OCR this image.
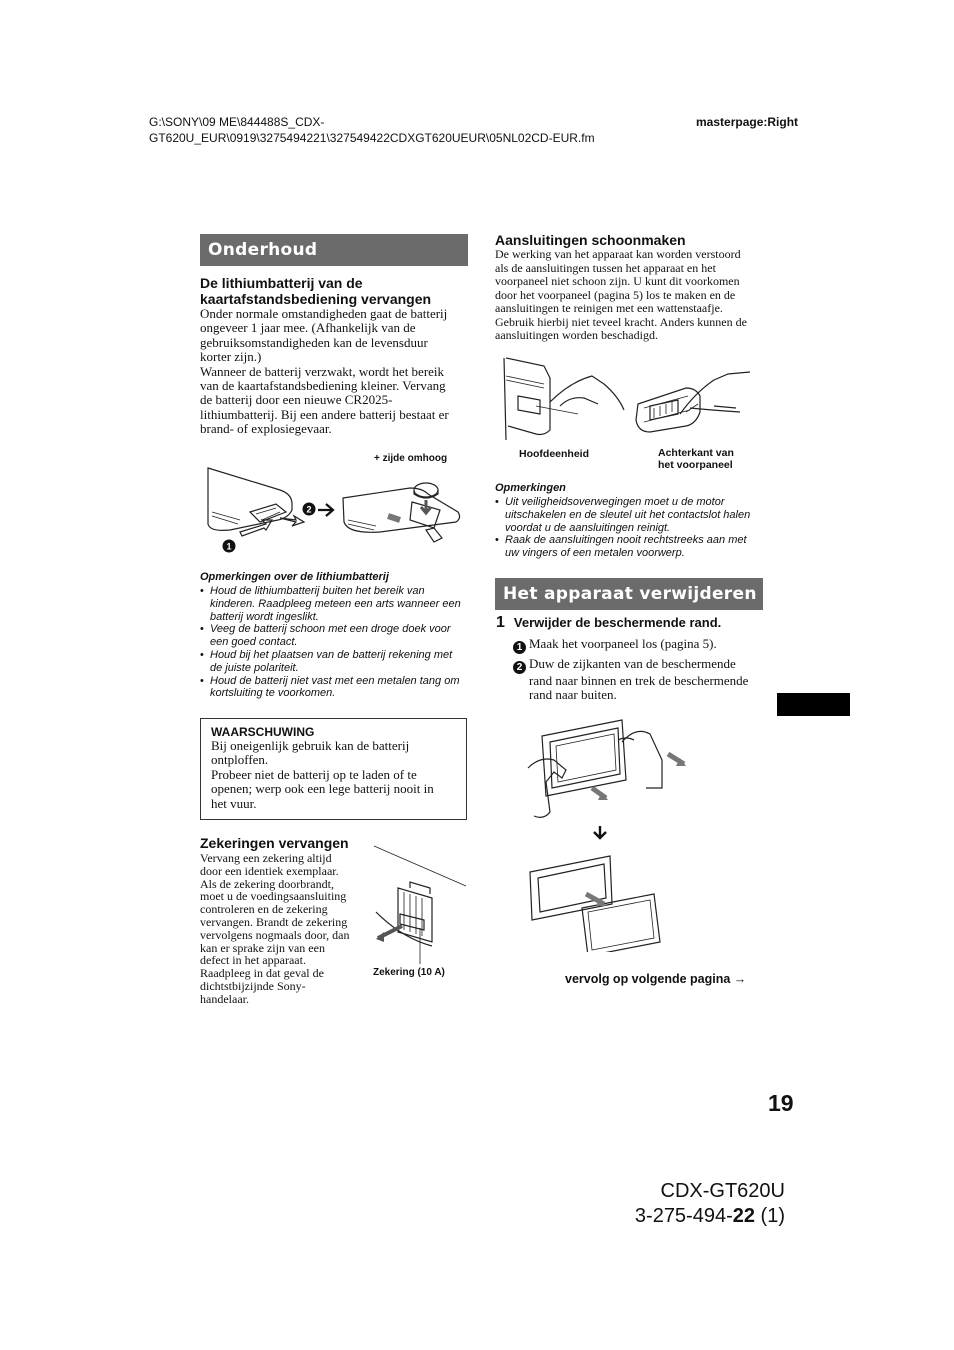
G:\SONY\09 ME\844488S_CDX-
GT620U_EUR\0919\3275494221\327549422CDXGT620UEUR\05NL02CD-EUR.fm
masterpage:Right
Onderhoud
De lithiumbatterij van de
kaartafstandsbediening vervangen

Onder normale omstandigheden gaat de batterij
ongeveer 1 jaar mee. (Afhankelijk van de
gebruiksomstandigheden kan de levensduur
korter zijn.)

Wanneer de batterij verzwakt, wordt het bereik
van de kaartafstandsbediening kleiner. Vervang
de batterij door een nieuwe CR2025-
lithiumbatterij. Bij een andere batterij bestaat er
brand- of explosiegevaar.

+ zijde omhoog
1
2
Opmerkingen over de lithiumbatterij
• Houd de lithiumbatterij buiten het bereik van
kinderen. Raadpleeg meteen een arts wanneer een
batterij wordt ingeslikt.
• Veeg de batterij schoon met een droge doek voor
een goed contact.
• Houd bij het plaatsen van de batterij rekening met
de juiste polariteit.
• Houd de batterij niet vast met een metalen tang om
kortsluiting te voorkomen.
WAARSCHUWING
Bij oneigenlijk gebruik kan de batterij
ontploffen.
Probeer niet de batterij op te laden of te
openen; werp ook een lege batterij nooit in
het vuur.
Zekeringen vervangen
Vervang een zekering altijd
door een identiek exemplaar.
Als de zekering doorbrandt,
moet u de voedingsaansluiting
controleren en de zekering
vervangen. Brandt de zekering
vervolgens nogmaals door, dan
kan er sprake zijn van een
defect in het apparaat.
Raadpleeg in dat geval de
dichtstbijzijnde Sony-
handelaar.
Zekering (10 A)
Aansluitingen schoonmaken
De werking van het apparaat kan worden verstoord
als de aansluitingen tussen het apparaat en het
voorpaneel niet schoon zijn. U kunt dit voorkomen
door het voorpaneel (pagina 5) los te maken en de
aansluitingen te reinigen met een wattenstaafje.
Gebruik hierbij niet teveel kracht. Anders kunnen de
aansluitingen worden beschadigd.
Hoofdeenheid	Achterkant van
het voorpaneel
Opmerkingen
• Uit veiligheidsoverwegingen moet u de motor
uitschakelen en de sleutel uit het contactslot halen
voordat u de aansluitingen reinigt.
• Raak de aansluitingen nooit rechtstreeks aan met
uw vingers of een metalen voorwerp.
Het apparaat verwijderen
1 Verwijder de beschermende rand.
1 Maak het voorpaneel los (pagina 5).
2 Duw de zijkanten van de beschermende
rand naar binnen en trek de beschermende
rand naar buiten.
vervolg op volgende pagina →
19
CDX-GT620U
3-275-494-22 (1)
